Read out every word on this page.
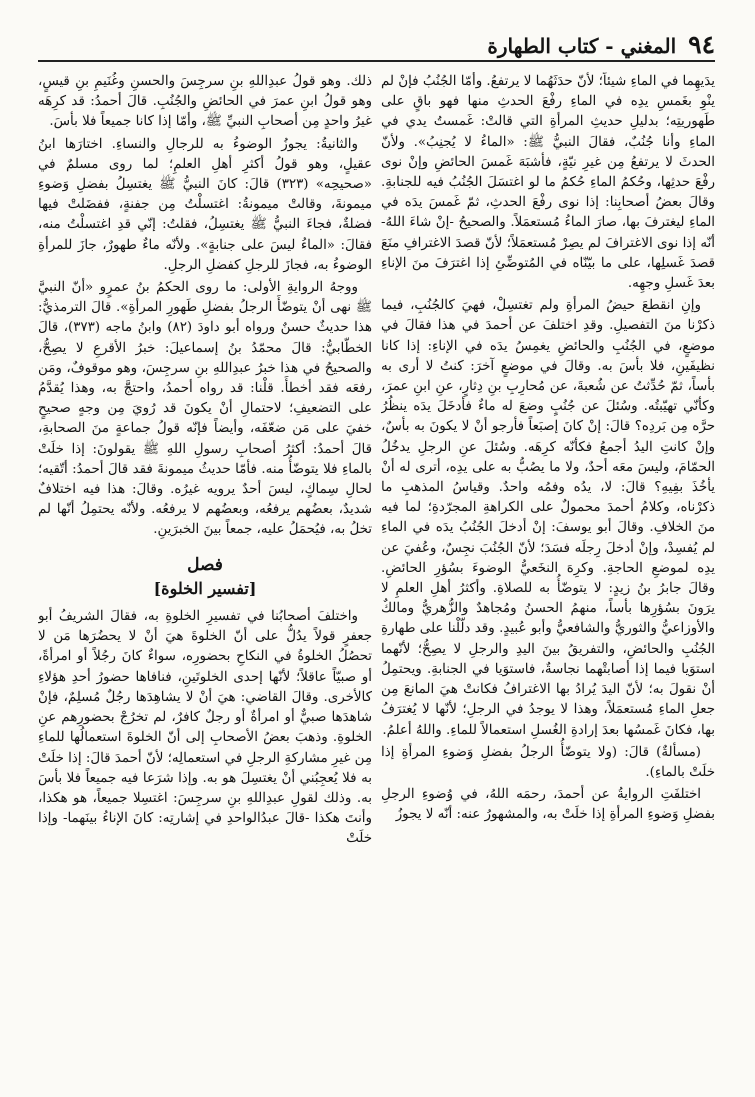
٩٤
المغني - كتاب الطهارة

يدَيهِما في الماءِ شيئاً؛ لأنّ حدَثَهُما لا يرتفعُ. وأمّا الجُنُبُ فإنْ لم ينْوِ بغَمسِ يدِه في الماءِ رفْعَ الحدثِ منها فهو باقٍ على طَهوريتِه؛ بدليلِ حديثِ المرأةِ التي قالتْ: غَمستُ يدي في الماءِ وأنا جُنُبٌ، فقالَ النبيُّ ﷺ: «الماءُ لا يُجنِبُ». ولأنّ الحدثَ لا يرتفعُ مِن غيرِ نيّةٍ، فأشبَهَ غَمسَ الحائضِ وإنْ نوى رفْعَ حدثِها، وحُكمُ الماءِ حُكمُ ما لو اغتسَلَ الجُنُبُ فيه للجنابةِ. وقالَ بعضُ أصحابِنا: إذا نوى رفْعَ الحدثِ، ثمّ غَمسَ يدَه في الماءِ ليغترفَ بها، صارَ الماءُ مُستعمَلاً. والصحيحُ -إنْ شاءَ اللهُ- أنّه إذا نوى الاغترافَ لم يصِرْ مُستعمَلاً؛ لأنّ قصدَ الاغترافِ منَعَ قصدَ غَسلِها، على ما بيّنّاه في المُتوضِّئِ إذا اغترَفَ منَ الإناءِ بعدَ غَسلِ وجهِه.

وإنِ انقطعَ حيضُ المرأةِ ولم تغتسِلْ، فهيَ كالجُنُبِ، فيما ذكرْنا منَ التفصيلِ. وقدِ اختلفَ عن أحمدَ في هذا فقالَ في موضعٍ، في الجُنُبِ والحائضِ يغمِسُ يدَه في الإناءِ: إذا كانا نظيفَينِ، فلا بأسَ به. وقالَ في موضعٍ آخرَ: كنتُ لا أرى به بأساً، ثمّ حُدِّثتُ عن شُعبةَ، عن مُحارِبِ بنِ دِثارٍ، عنِ ابنِ عمرَ، وكأنّي تهيّبتُه. وسُئلَ عن جُنُبٍ وضعَ له ماءٌ فأدخَلَ يدَه ينظُرُ حرَّه مِن بَردِه؟ قالَ: إنْ كانَ إصبَعاً فأرجو أنْ لا يكونَ به بأسٌ، وإنْ كانتِ اليدُ أجمعُ فكأنّه كرِهَه. وسُئلَ عنِ الرجلِ يدخُلُ الحمّامَ، وليسَ معَه أحدٌ، ولا ما يصُبُّ به على يدِه، أترى له أنْ يأخُذَ بفِيهِ؟ قالَ: لا، يدُه وفمُه واحدٌ. وقياسُ المذهبِ ما ذكرْناه، وكلامُ أحمدَ محمولٌ على الكراهةِ المجرّدةِ؛ لما فيه منَ الخلافِ. وقالَ أبو يوسفَ: إنْ أدخلَ الجُنُبُ يدَه في الماءِ لم يُفسِدْ، وإنْ أدخلَ رِجلَه فسَدَ؛ لأنّ الجُنُبَ نجِسٌ، وعُفيَ عن يدِه لموضعِ الحاجةِ. وكرِهَ النخَعيُّ الوضوءَ بسُؤرِ الحائضِ. وقالَ جابرُ بنُ زيدٍ: لا يتوضّأُ به للصلاةِ. وأكثرُ أهلِ العلمِ لا يرَونَ بسُؤرِها بأساً، منهمُ الحسنُ ومُجاهدٌ والزُّهريُّ ومالكٌ والأوزاعيُّ والثوريُّ والشافعيُّ وأبو عُبيدٍ. وقد دلّلْنا على طهارةِ الجُنُبِ والحائضِ، والتفريقُ بينَ اليدِ والرجلِ لا يصِحُّ؛ لأنّهما استوَيا فيما إذا أصابتْهما نجاسةٌ، فاستوَيا في الجنابةِ. ويحتمِلُ أنْ نقولَ به؛ لأنّ اليدَ يُرادُ بها الاغترافُ فكانتْ هيَ المانعَ مِن جعلِ الماءِ مُستعمَلاً، وهذا لا يوجدُ في الرجلِ؛ لأنّها لا يُغترَفُ بها، فكانَ غَمسُها بعدَ إرادةِ الغُسلِ استعمالاً للماءِ. واللهُ أعلمُ.

(مسألةٌ) قالَ: (ولا يتوضّأُ الرجلُ بفضلِ وَضوءِ المرأةِ إذا خلَتْ بالماءِ).

اختلفَتِ الروايةُ عن أحمدَ، رحمَه اللهُ، في وُضوءِ الرجلِ بفضلِ وَضوءِ المرأةِ إذا خلَتْ به، والمشهورُ عنه: أنّه لا يجوزُ

ذلك. وهو قولُ عبدِاللهِ بنِ سرجِسَ والحسنِ وغُنَيمِ بنِ قيسٍ، وهو قولُ ابنِ عمرَ في الحائضِ والجُنُبِ. قالَ أحمدُ: قد كرِهَه غيرُ واحدٍ مِن أصحابِ النبيِّ ﷺ، وأمّا إذا كانا جميعاً فلا بأسَ.

والثانيةُ: يجوزُ الوضوءُ به للرجالِ والنساءِ. اختارَها ابنُ عقيلٍ، وهو قولُ أكثرِ أهلِ العلمِ؛ لما روى مسلمٌ في «صحيحِه» (٣٢٣) قالَ: كانَ النبيُّ ﷺ يغتسِلُ بفضلِ وَضوءِ ميمونةَ، وقالتْ ميمونةُ: اغتسلْتُ مِن جفنةٍ، ففضَلتْ فيها فضلةٌ، فجاءَ النبيُّ ﷺ يغتسِلُ، فقلتُ: إنّي قدِ اغتسلْتُ منه، فقالَ: «الماءُ ليسَ على جنابةٍ». ولأنّه ماءٌ طهورٌ، جازَ للمرأةِ الوضوءُ به، فجازَ للرجلِ كفضلِ الرجلِ.

ووجهُ الروايةِ الأولى: ما روى الحكمُ بنُ عمرٍو «أنّ النبيَّ ﷺ نهى أنْ يتوضّأَ الرجلُ بفضلِ طَهورِ المرأةِ». قالَ الترمذيُّ: هذا حديثٌ حسنٌ ورواه أبو داودَ (٨٢) وابنُ ماجه (٣٧٣)، قالَ الخطّابيُّ: قالَ محمّدُ بنُ إسماعيلَ: خبرُ الأقرعِ لا يصِحُّ، والصحيحُ في هذا خبرُ عبدِاللهِ بنِ سرجِسَ، وهو موقوفٌ، ومَن رفعَه فقد أخطأَ. قلْنا: قد رواه أحمدُ، واحتجَّ به، وهذا يُقدَّمُ على التضعيفِ؛ لاحتمالِ أنْ يكونَ قد رُويَ مِن وجهٍ صحيحٍ خفيَ على مَن ضعّفَه، وأيضاً فإنّه قولُ جماعةٍ منَ الصحابةِ، قالَ أحمدُ: أكثرُ أصحابِ رسولِ اللهِ ﷺ يقولونَ: إذا خلَتْ بالماءِ فلا يتوضّأُ منه. فأمّا حديثُ ميمونةَ فقد قالَ أحمدُ: أتّقيه؛ لحالِ سِماكٍ، ليسَ أحدٌ يرويه غيرُه. وقالَ: هذا فيه اختلافٌ شديدٌ، بعضُهم يرفعُه، وبعضُهم لا يرفعُه. ولأنّه يحتمِلُ أنّها لم تخلُ به، فيُحمَلُ عليه، جمعاً بينَ الخبرَينِ.

فصل
[تفسير الخلوة]

واختلفَ أصحابُنا في تفسيرِ الخلوةِ به، فقالَ الشريفُ أبو جعفرٍ قولاً يدُلُّ على أنّ الخلوةَ هيَ أنْ لا يحضُرَها مَن لا تحصُلُ الخلوةُ في النكاحِ بحضورِه، سواءٌ كانَ رجُلاً أو امرأةً، أو صبيّاً عاقلاً؛ لأنّها إحدى الخلوتَينِ، فنافاها حضورُ أحدِ هؤلاءِ كالأخرى. وقالَ القاضي: هيَ أنْ لا يشاهِدَها رجُلٌ مُسلِمٌ، فإنْ شاهدَها صبيٌّ أو امرأةٌ أو رجلٌ كافرٌ، لم تخرُجْ بحضورِهم عنِ الخلوةِ. وذهبَ بعضُ الأصحابِ إلى أنّ الخلوةَ استعمالُها للماءِ مِن غيرِ مشاركةِ الرجلِ في استعمالِه؛ لأنّ أحمدَ قالَ: إذا خلَتْ به فلا يُعجِبُني أنْ يغتسِلَ هو به. وإذا شرَعا فيه جميعاً فلا بأسَ به. وذلك لقولِ عبدِاللهِ بنِ سرجِسَ: اغتسِلا جميعاً، هو هكذا، وأنتَ هكذا -قالَ عبدُالواحدِ في إشارتِه: كانَ الإناءُ بينَهما- وإذا خلَتْ
